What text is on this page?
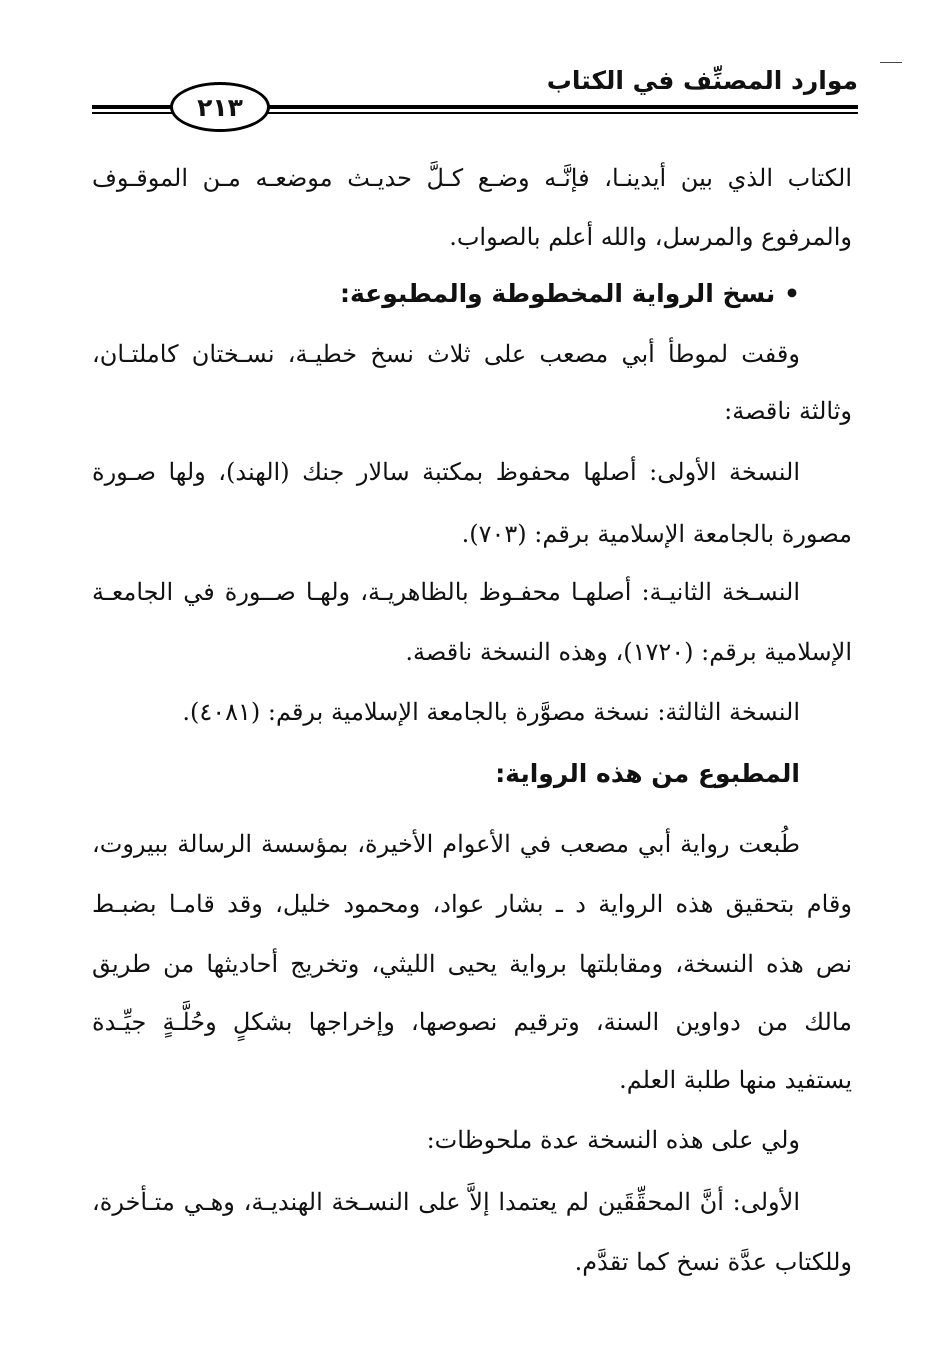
موارد المصنِّف في الكتاب
٢١٣
الكتاب الذي بين أيدينـا، فإنَّـه وضـع كـلَّ حديـث موضعـه مـن الموقـوف
والمرفوع والمرسل، والله أعلم بالصواب.
• نسخ الرواية المخطوطة والمطبوعة:
وقفت لموطأ أبي مصعب على ثلاث نسخ خطيـة، نسـختان كاملتـان،
وثالثة ناقصة:
النسخة الأولى: أصلها محفوظ بمكتبة سالار جنك (الهند)، ولها صـورة
مصورة بالجامعة الإسلامية برقم: (٧٠٣).
النسـخة الثانيـة: أصلهـا محفـوظ بالظاهريـة، ولهـا صــورة في الجامعـة
الإسلامية برقم: (١٧٢٠)، وهذه النسخة ناقصة.
النسخة الثالثة: نسخة مصوَّرة بالجامعة الإسلامية برقم: (٤٠٨١).
المطبوع من هذه الرواية:
طُبعت رواية أبي مصعب في الأعوام الأخيرة، بمؤسسة الرسالة ببيروت،
وقام بتحقيق هذه الرواية د ـ بشار عواد، ومحمود خليل، وقد قامـا بضبـط
نص هذه النسخة، ومقابلتها برواية يحيى الليثي، وتخريج أحاديثها من طريق
مالك من دواوين السنة، وترقيم نصوصها، وإخراجها بشكلٍ وحُلَّـةٍ جيِّـدة
يستفيد منها طلبة العلم.
ولي على هذه النسخة عدة ملحوظات:
الأولى: أنَّ المحقِّقَين لم يعتمدا إلاَّ على النسـخة الهنديـة، وهـي متـأخرة،
وللكتاب عدَّة نسخ كما تقدَّم.
